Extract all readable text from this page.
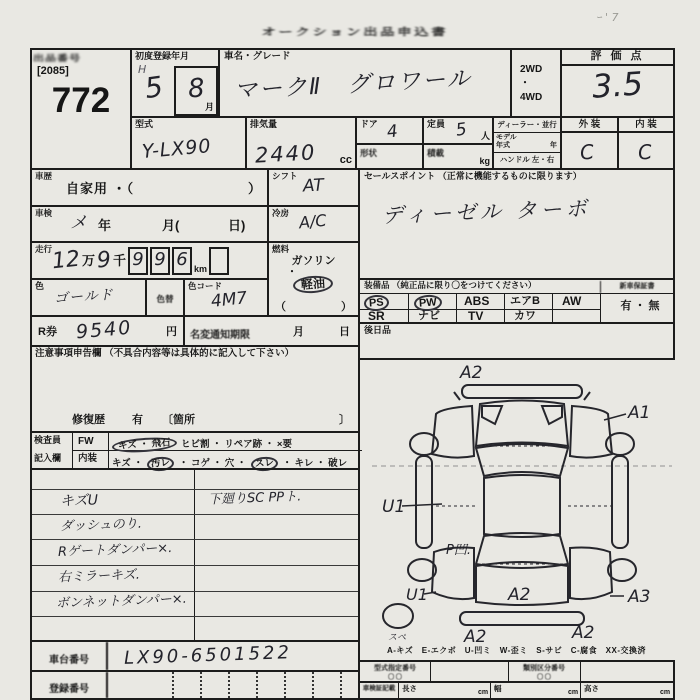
オークション出品申込書
ｰ ' 7
出品番号
[2085]
772
初度登録年月
H
5 8
月
車名・グレード
マークⅡ　グロワール	2WD
・
4WD
評 価 点
3.5
型式
Y-LX90
排気量
2440 cc
ドア 4	定員 5 人
形状	積載
kg
ディーラー・並行
モデル
年式	年
ハンドル 左・右
外 装	内 装
C C
車歴
自家用 ・（	）
シフト AT	セールスポイント （正常に機能するものに限ります）
ディーゼル ターボ
車検 メ 年	月(	日)
冷房 A/C
走行
12 万 9 千 9 9 6 km
燃料
ガソリン
・
軽油
（	）
色
ゴールド	色替
色コード
4M7
装備品 （純正品に限り〇をつけてください）	新車保証書
PS	PW	ABS エアB AW
SR	ナビ TV	カワ
有 ・ 無
後日品
R券 9540	円 名変通知期限	月	日
注意事項申告欄 （不具合内容等は具体的に記入して下さい）
修復歴 有 〔箇所	〕
検査員
記入欄
FW
内装
キズ ・ 飛石 ヒビ割 ・ リペア跡 ・ ×要
キズ ・ 汚レ ・ コゲ ・ 穴 ・ スレ ・ キレ ・ 破レ
キズU	下廻りSC PPト.
ダッシュのり.
Rゲートダンパー×.
右ミラーキズ.
ボンネットダンパー×.
車台番号	LX90-6501522
登録番号
A2
A1
U1
P凹.
U1	A2	A3
A2	A2
スペ
A-キズ　E-エクボ　U-凹ミ　W-歪ミ　S-サビ　C-腐食　XX-交換済
型式指定番号
〇 〇
類別区分番号
〇 〇
車検証記載 長さ	cm 幅	cm 高さ	cm
